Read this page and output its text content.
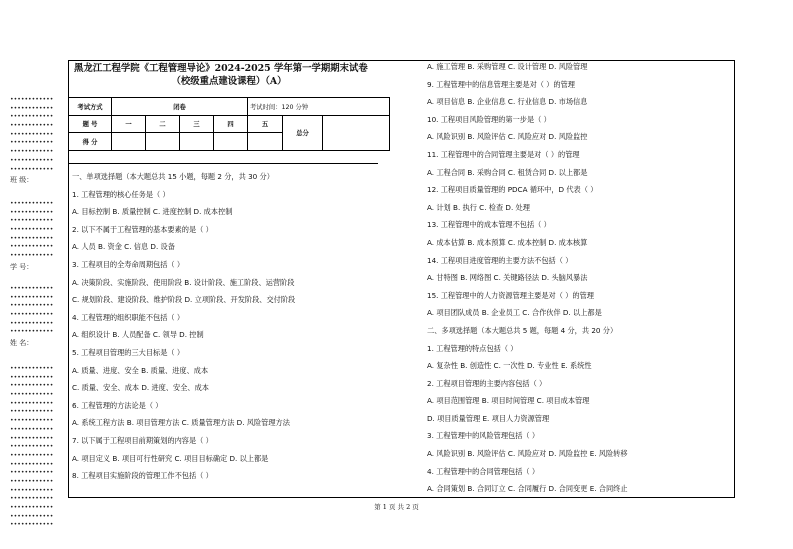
••••••••••••
••••••••••••
••••••••••••
••••••••••••
••••••••••••
••••••••••••
••••••••••••
••••••••••••
••••••••••••
班 级：
••••••••••••
••••••••••••
••••••••••••
••••••••••••
••••••••••••
••••••••••••
••••••••••••
学 号：
••••••••••••
••••••••••••
••••••••••••
••••••••••••
••••••••••••
••••••••••••
姓 名：
••••••••••••
••••••••••••
••••••••••••
••••••••••••
••••••••••••
••••••••••••
••••••••••••
••••••••••••
••••••••••••
••••••••••••
••••••••••••
••••••••••••
••••••••••••
••••••••••••
••••••••••••
••••••••••••
••••••••••••
••••••••••••
••••••••••••
黑龙江工程学院《工程管理导论》2024-2025 学年第一学期期末试卷
（校级重点建设课程）（A）
考试方式	闭卷				考试时间：120 分钟		
题 号	一	二	三	四	五	总分	
得 分							
一、单项选择题（本大题总共 15 小题，每题 2 分，共 30 分）
1. 工程管理的核心任务是（ ）
A. 目标控制 B. 质量控制 C. 进度控制 D. 成本控制
2. 以下不属于工程管理的基本要素的是（ ）
A. 人员 B. 资金 C. 信息 D. 设备
3. 工程项目的全寿命周期包括（ ）
A. 决策阶段、实施阶段、使用阶段 B. 设计阶段、施工阶段、运营阶段
C. 规划阶段、建设阶段、维护阶段 D. 立项阶段、开发阶段、交付阶段
4. 工程管理的组织职能不包括（ ）
A. 组织设计 B. 人员配备 C. 领导 D. 控制
5. 工程项目管理的三大目标是（ ）
A. 质量、进度、安全 B. 质量、进度、成本
C. 质量、安全、成本 D. 进度、安全、成本
6. 工程管理的方法论是（ ）
A. 系统工程方法 B. 项目管理方法 C. 质量管理方法 D. 风险管理方法
7. 以下属于工程项目前期策划的内容是（ ）
A. 项目定义 B. 项目可行性研究 C. 项目目标确定 D. 以上都是
8. 工程项目实施阶段的管理工作不包括（ ）
A. 施工管理 B. 采购管理 C. 设计管理 D. 风险管理
9. 工程管理中的信息管理主要是对（ ）的管理
A. 项目信息 B. 企业信息 C. 行业信息 D. 市场信息
10. 工程项目风险管理的第一步是（ ）
A. 风险识别 B. 风险评估 C. 风险应对 D. 风险监控
11. 工程管理中的合同管理主要是对（ ）的管理
A. 工程合同 B. 采购合同 C. 租赁合同 D. 以上都是
12. 工程项目质量管理的 PDCA 循环中，D 代表（ ）
A. 计划 B. 执行 C. 检查 D. 处理
13. 工程管理中的成本管理不包括（ ）
A. 成本估算 B. 成本预算 C. 成本控制 D. 成本核算
14. 工程项目进度管理的主要方法不包括（ ）
A. 甘特图 B. 网络图 C. 关键路径法 D. 头脑风暴法
15. 工程管理中的人力资源管理主要是对（ ）的管理
A. 项目团队成员 B. 企业员工 C. 合作伙伴 D. 以上都是
二、多项选择题（本大题总共 5 题，每题 4 分，共 20 分）
1. 工程管理的特点包括（ ）
A. 复杂性 B. 创造性 C. 一次性 D. 专业性 E. 系统性
2. 工程项目管理的主要内容包括（ ）
A. 项目范围管理 B. 项目时间管理 C. 项目成本管理
D. 项目质量管理 E. 项目人力资源管理
3. 工程管理中的风险管理包括（ ）
A. 风险识别 B. 风险评估 C. 风险应对 D. 风险监控 E. 风险转移
4. 工程管理中的合同管理包括（ ）
A. 合同策划 B. 合同订立 C. 合同履行 D. 合同变更 E. 合同终止
第 1 页 共 2 页
